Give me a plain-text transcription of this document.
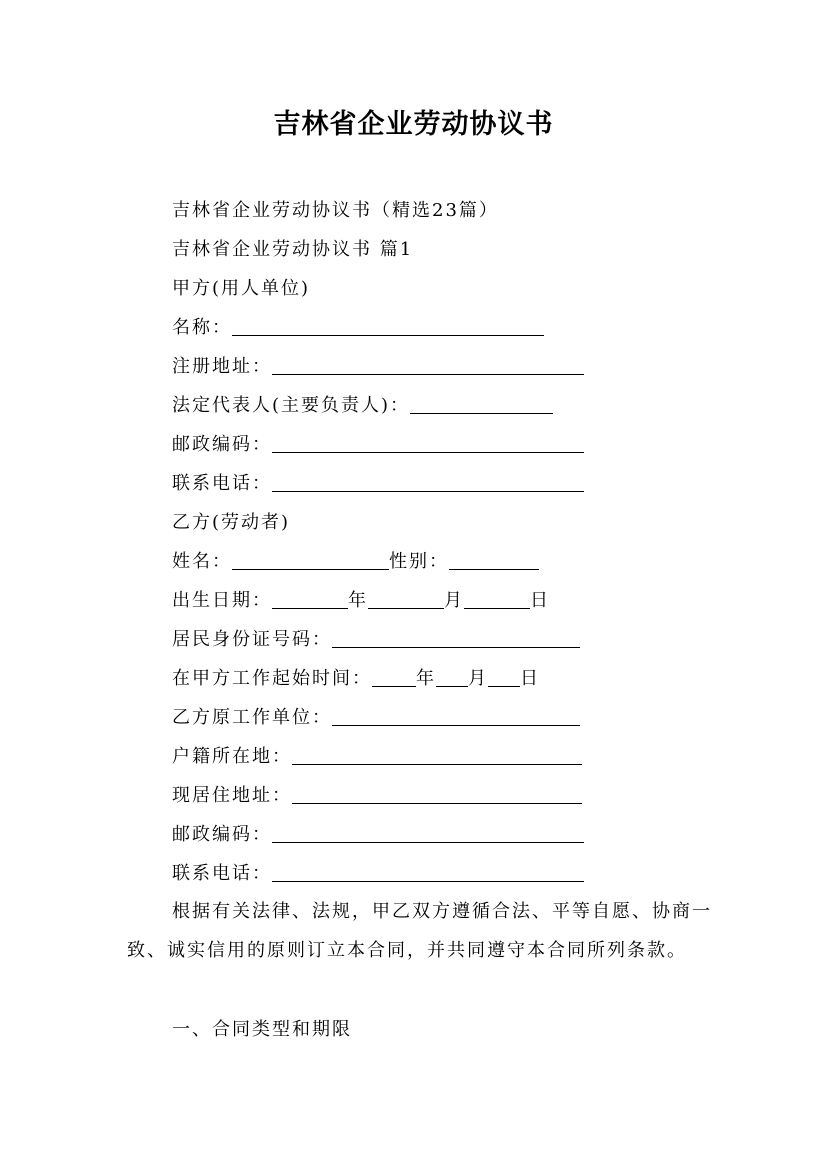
吉林省企业劳动协议书
吉林省企业劳动协议书（精选23篇）
吉林省企业劳动协议书 篇1
甲方(用人单位)
名称：
注册地址：
法定代表人(主要负责人)：
邮政编码：
联系电话：
乙方(劳动者)
姓名：	性别：
出生日期：	年	月	日
居民身份证号码：
在甲方工作起始时间： 年 月 日
乙方原工作单位：
户籍所在地：
现居住地址：
邮政编码：
联系电话：
根据有关法律、法规，甲乙双方遵循合法、平等自愿、协商一致、诚实信用的原则订立本合同，并共同遵守本合同所列条款。
一、合同类型和期限
